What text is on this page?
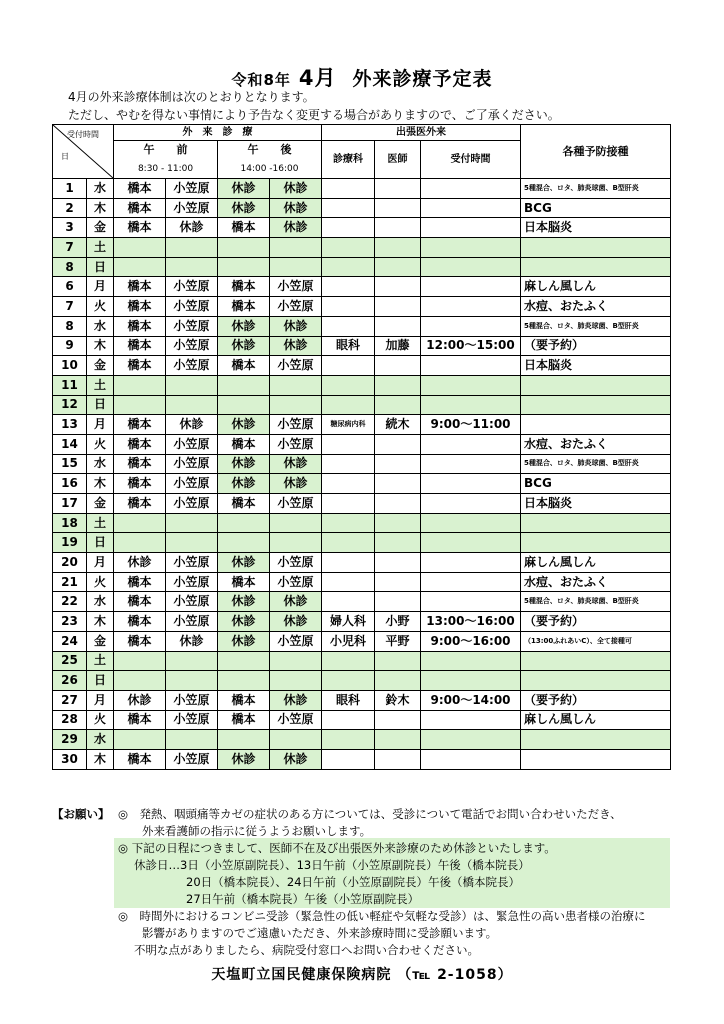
令和8年 4月 外来診療予定表
4月の外来診療体制は次のとおりとなります。
ただし、やむを得ない事情により予告なく変更する場合がありますので、ご了承ください。
受付時間
日		外　来　診　療				出張医外来			各種予防接種
		午　　前
8:30 - 11:00		午　　後
14:00 -16:00		診療科	医師	受付時間	
1	水	橋本	小笠原	休診	休診				5種混合、ロタ、肺炎球菌、B型肝炎
2	木	橋本	小笠原	休診	休診				BCG
3	金	橋本	休診	橋本	休診				日本脳炎
7	土								
8	日								
6	月	橋本	小笠原	橋本	小笠原				麻しん風しん
7	火	橋本	小笠原	橋本	小笠原				水痘、おたふく
8	水	橋本	小笠原	休診	休診				5種混合、ロタ、肺炎球菌、B型肝炎
9	木	橋本	小笠原	休診	休診	眼科	加藤	12:00～15:00	（要予約）
10	金	橋本	小笠原	橋本	小笠原				日本脳炎
11	土								
12	日								
13	月	橋本	休診	休診	小笠原	糖尿病内科	続木	9:00～11:00	
14	火	橋本	小笠原	橋本	小笠原				水痘、おたふく
15	水	橋本	小笠原	休診	休診				5種混合、ロタ、肺炎球菌、B型肝炎
16	木	橋本	小笠原	休診	休診				BCG
17	金	橋本	小笠原	橋本	小笠原				日本脳炎
18	土								
19	日								
20	月	休診	小笠原	休診	小笠原				麻しん風しん
21	火	橋本	小笠原	橋本	小笠原				水痘、おたふく
22	水	橋本	小笠原	休診	休診				5種混合、ロタ、肺炎球菌、B型肝炎
23	木	橋本	小笠原	休診	休診	婦人科	小野	13:00～16:00	（要予約）
24	金	橋本	休診	休診	小笠原	小児科	平野	9:00～16:00	（13:00ふれあいC）、全て接種可
25	土								
26	日								
27	月	休診	小笠原	橋本	休診	眼科	鈴木	9:00～14:00	（要予約）
28	火	橋本	小笠原	橋本	小笠原				麻しん風しん
29	水								
30	木	橋本	小笠原	休診	休診				
【お願い】 ◎　発熱、咽頭痛等カゼの症状のある方については、受診について電話でお問い合わせいただき、
外来看護師の指示に従うようお願いします。
◎ 下記の日程につきまして、医師不在及び出張医外来診療のため休診といたします。
休診日…3日（小笠原副院長）、13日午前（小笠原副院長）午後（橋本院長）
20日（橋本院長）、24日午前（小笠原副院長）午後（橋本院長）
27日午前（橋本院長）午後（小笠原副院長）
◎　時間外におけるコンビニ受診（緊急性の低い軽症や気軽な受診）は、緊急性の高い患者様の治療に
影響がありますのでご遠慮いただき、外来診療時間に受診願います。
不明な点がありましたら、病院受付窓口へお問い合わせください。
天塩町立国民健康保険病院 （℡ 2-1058）
